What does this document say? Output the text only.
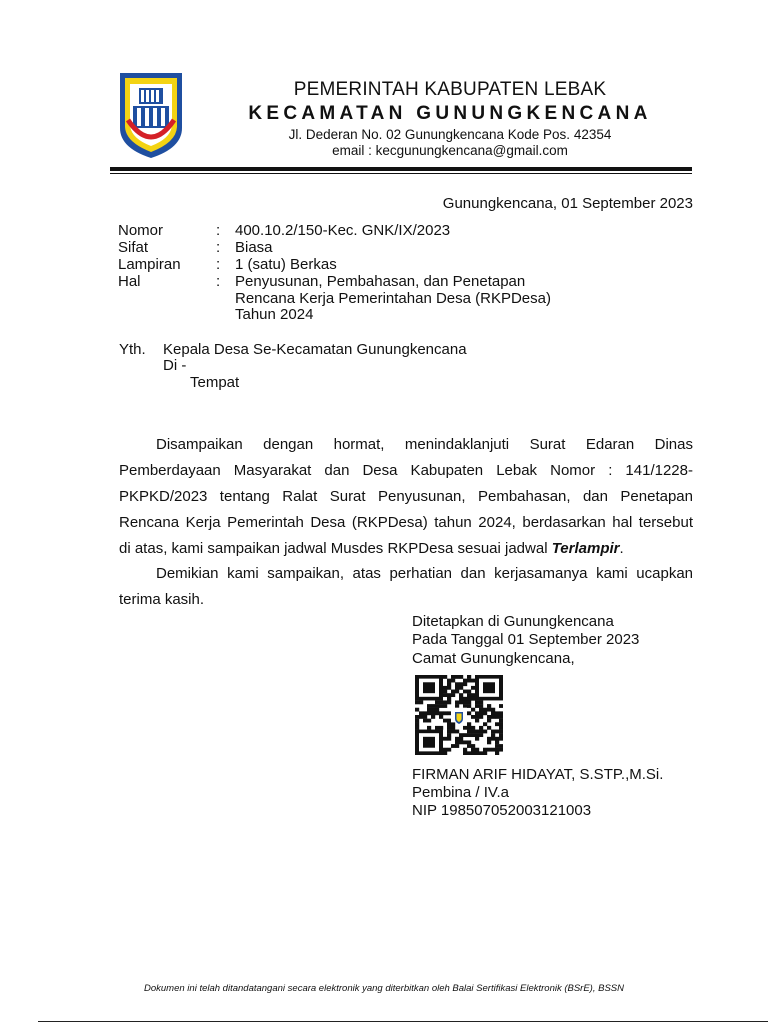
PEMERINTAH KABUPATEN LEBAK
KECAMATAN GUNUNGKENCANA
Jl. Dederan No. 02 Gunungkencana Kode Pos. 42354
email : kecgunungkencana@gmail.com
Gunungkencana, 01 September 2023
Nomor	: 400.10.2/150-Kec. GNK/IX/2023
Sifat	: Biasa
Lampiran : 1 (satu) Berkas
Hal	: Penyusunan, Pembahasan, dan Penetapan
Rencana Kerja Pemerintahan Desa (RKPDesa)
Tahun 2024
Yth. Kepala Desa Se-Kecamatan Gunungkencana
Di -
Tempat
Disampaikan dengan hormat, menindaklanjuti Surat Edaran Dinas
Pemberdayaan Masyarakat dan Desa Kabupaten Lebak Nomor : 141/1228-
PKPKD/2023 tentang Ralat Surat Penyusunan, Pembahasan, dan Penetapan
Rencana Kerja Pemerintah Desa (RKPDesa) tahun 2024, berdasarkan hal tersebut
di atas, kami sampaikan jadwal Musdes RKPDesa sesuai jadwal Terlampir.
Demikian kami sampaikan, atas perhatian dan kerjasamanya kami ucapkan
terima kasih.
Ditetapkan di Gunungkencana
Pada Tanggal 01 September 2023
Camat Gunungkencana,
FIRMAN ARIF HIDAYAT, S.STP.,M.Si.
Pembina / IV.a
NIP 198507052003121003
Dokumen ini telah ditandatangani secara elektronik yang diterbitkan oleh Balai Sertifikasi Elektronik (BSrE), BSSN
